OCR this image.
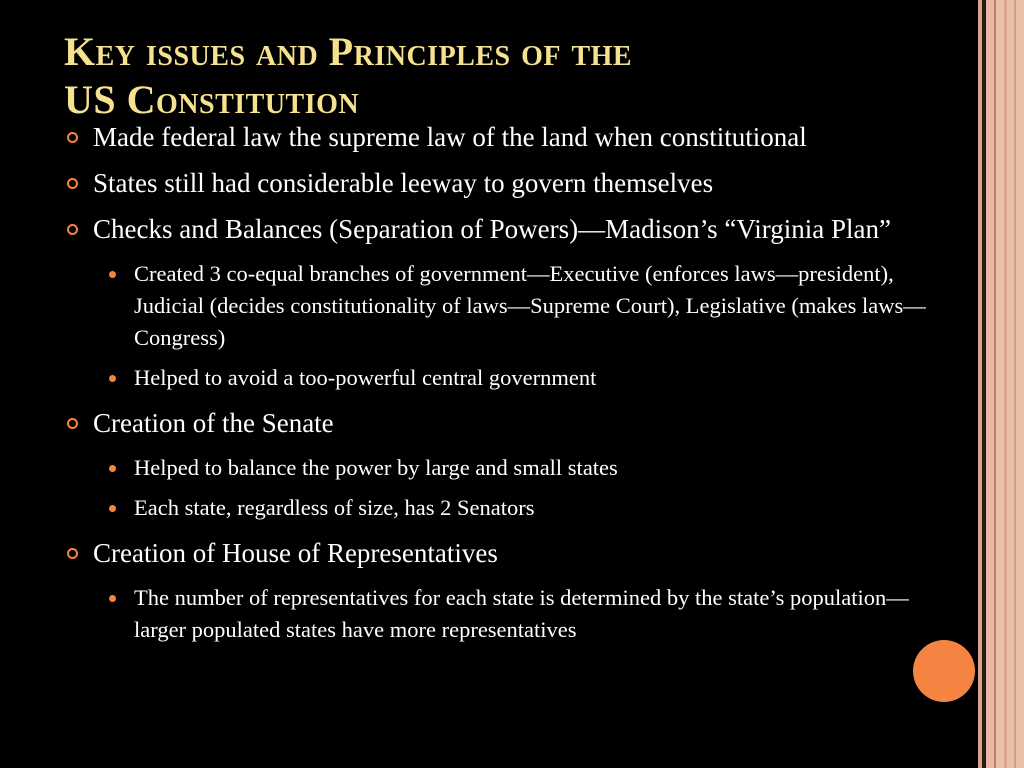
Key issues and Principles of the
US Constitution
Made federal law the supreme law of the land when constitutional
States still had considerable leeway to govern themselves
Checks and Balances (Separation of Powers)—Madison’s “Virginia Plan”
Created 3 co-equal branches of government—Executive (enforces laws—president), Judicial (decides constitutionality of laws—Supreme Court), Legislative (makes laws—Congress)
Helped to avoid a too-powerful central government
Creation of the Senate
Helped to balance the power by large and small states
Each state, regardless of size, has 2 Senators
Creation of House of Representatives
The number of representatives for each state is determined by the state’s population—larger populated states have more representatives
